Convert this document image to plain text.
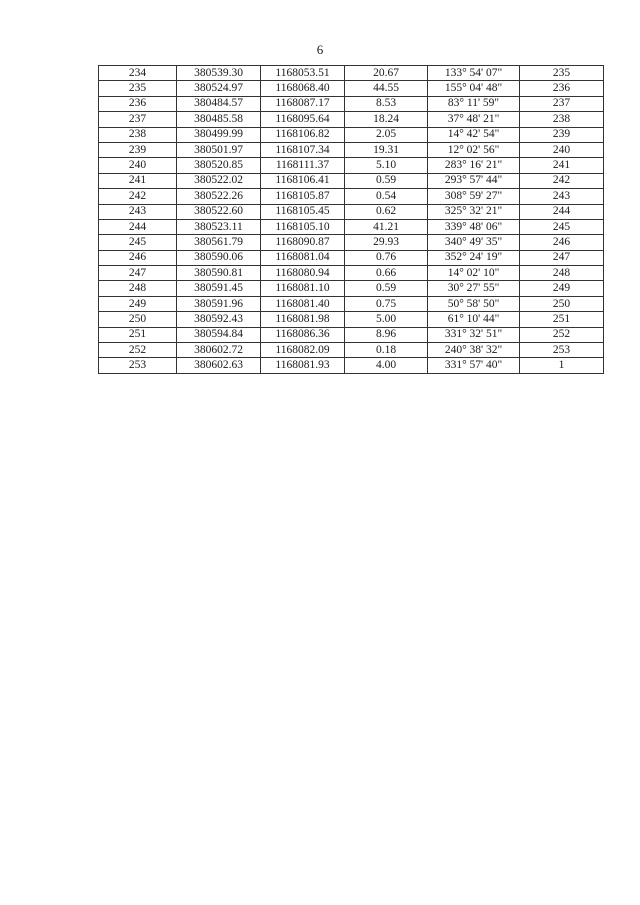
6
234	380539.30	1168053.51	20.67	133° 54' 07"	235
235	380524.97	1168068.40	44.55	155° 04' 48"	236
236	380484.57	1168087.17	8.53	83° 11' 59"	237
237	380485.58	1168095.64	18.24	37° 48' 21"	238
238	380499.99	1168106.82	2.05	14° 42' 54"	239
239	380501.97	1168107.34	19.31	12° 02' 56"	240
240	380520.85	1168111.37	5.10	283° 16' 21"	241
241	380522.02	1168106.41	0.59	293° 57' 44"	242
242	380522.26	1168105.87	0.54	308° 59' 27"	243
243	380522.60	1168105.45	0.62	325° 32' 21"	244
244	380523.11	1168105.10	41.21	339° 48' 06"	245
245	380561.79	1168090.87	29.93	340° 49' 35"	246
246	380590.06	1168081.04	0.76	352° 24' 19"	247
247	380590.81	1168080.94	0.66	14° 02' 10"	248
248	380591.45	1168081.10	0.59	30° 27' 55"	249
249	380591.96	1168081.40	0.75	50° 58' 50"	250
250	380592.43	1168081.98	5.00	61° 10' 44"	251
251	380594.84	1168086.36	8.96	331° 32' 51"	252
252	380602.72	1168082.09	0.18	240° 38' 32"	253
253	380602.63	1168081.93	4.00	331° 57' 40"	1
